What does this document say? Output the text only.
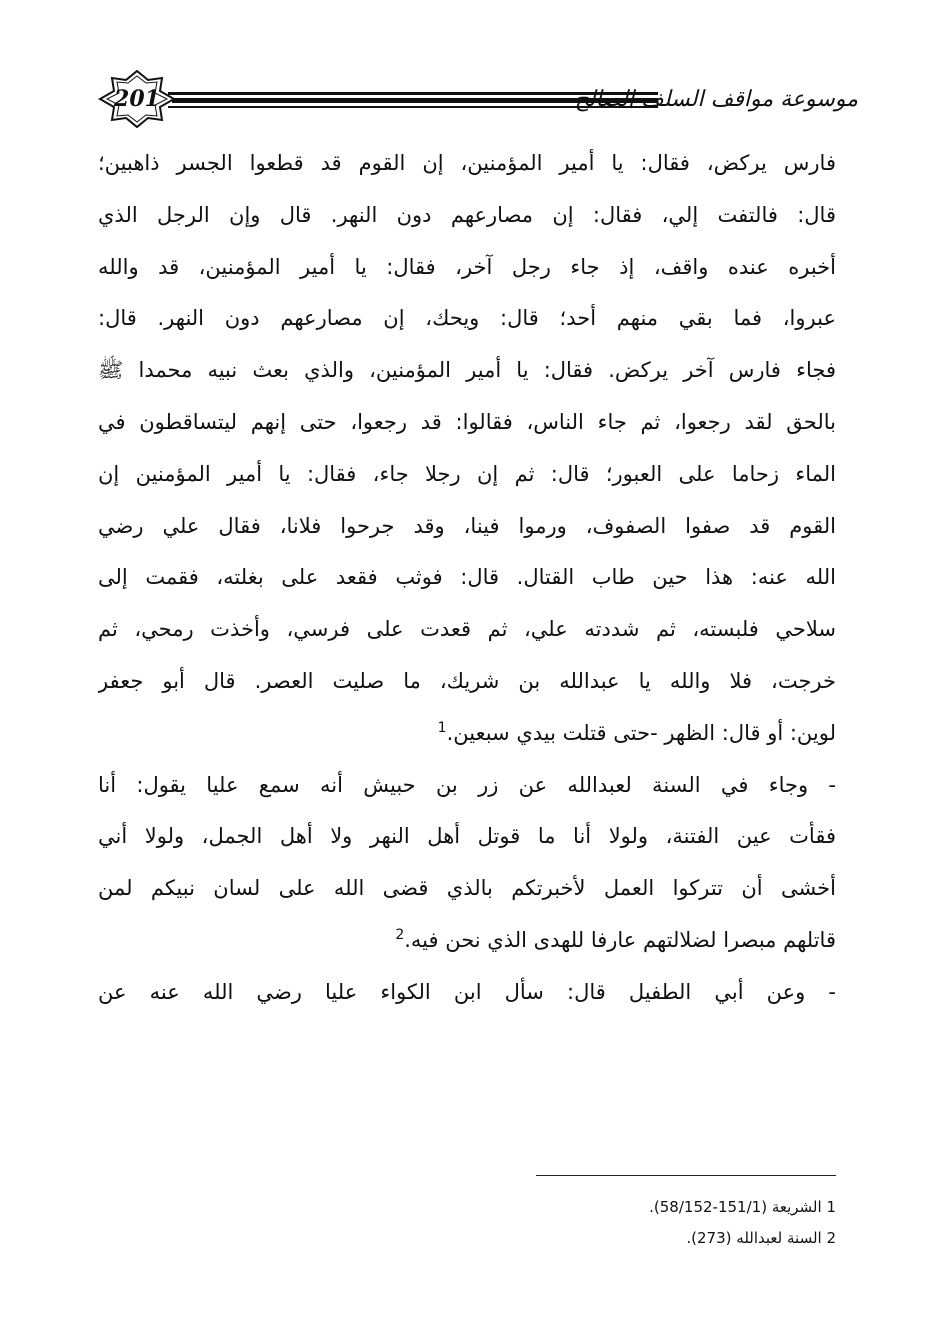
201	موسوعة مواقف السلف الصالح
فارس يركض، فقال: يا أمير المؤمنين، إن القوم قد قطعوا الجسر ذاهبين؛
قال: فالتفت إلي، فقال: إن مصارعهم دون النهر. قال وإن الرجل الذي
أخبره عنده واقف، إذ جاء رجل آخر، فقال: يا أمير المؤمنين، قد والله
عبروا، فما بقي منهم أحد؛ قال: ويحك، إن مصارعهم دون النهر. قال:
فجاء فارس آخر يركض. فقال: يا أمير المؤمنين، والذي بعث نبيه محمدا ﷺ
بالحق لقد رجعوا، ثم جاء الناس، فقالوا: قد رجعوا، حتى إنهم ليتساقطون في
الماء زحاما على العبور؛ قال: ثم إن رجلا جاء، فقال: يا أمير المؤمنين إن
القوم قد صفوا الصفوف، ورموا فينا، وقد جرحوا فلانا، فقال علي رضي
الله عنه: هذا حين طاب القتال. قال: فوثب فقعد على بغلته، فقمت إلى
سلاحي فلبسته، ثم شددته علي، ثم قعدت على فرسي، وأخذت رمحي، ثم
خرجت، فلا والله يا عبدالله بن شريك، ما صليت العصر. قال أبو جعفر
لوين: أو قال: الظهر -حتى قتلت بيدي سبعين.$^1$
- وجاء في السنة لعبدالله عن زر بن حبيش أنه سمع عليا يقول: أنا
فقأت عين الفتنة، ولولا أنا ما قوتل أهل النهر ولا أهل الجمل، ولولا أني
أخشى أن تتركوا العمل لأخبرتكم بالذي قضى الله على لسان نبيكم لمن
قاتلهم مبصرا لضلالتهم عارفا للهدى الذي نحن فيه.$^2$
- وعن أبي الطفيل قال: سأل ابن الكواء عليا رضي الله عنه عن
1 الشريعة (151/1-58/152).
2 السنة لعبدالله (273).
